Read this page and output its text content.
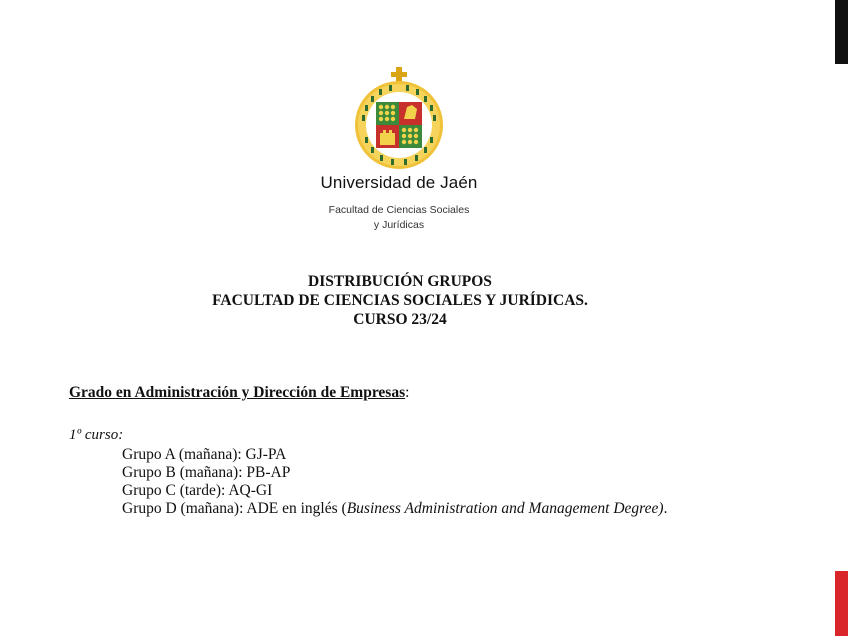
Universidad de Jaén
Facultad de Ciencias Sociales
y Jurídicas
DISTRIBUCIÓN GRUPOS
FACULTAD DE CIENCIAS SOCIALES Y JURÍDICAS.
CURSO 23/24
Grado en Administración y Dirección de Empresas:
1º curso:
Grupo A (mañana): GJ-PA
Grupo B (mañana): PB-AP
Grupo C (tarde): AQ-GI
Grupo D (mañana): ADE en inglés (Business Administration and Management Degree).
